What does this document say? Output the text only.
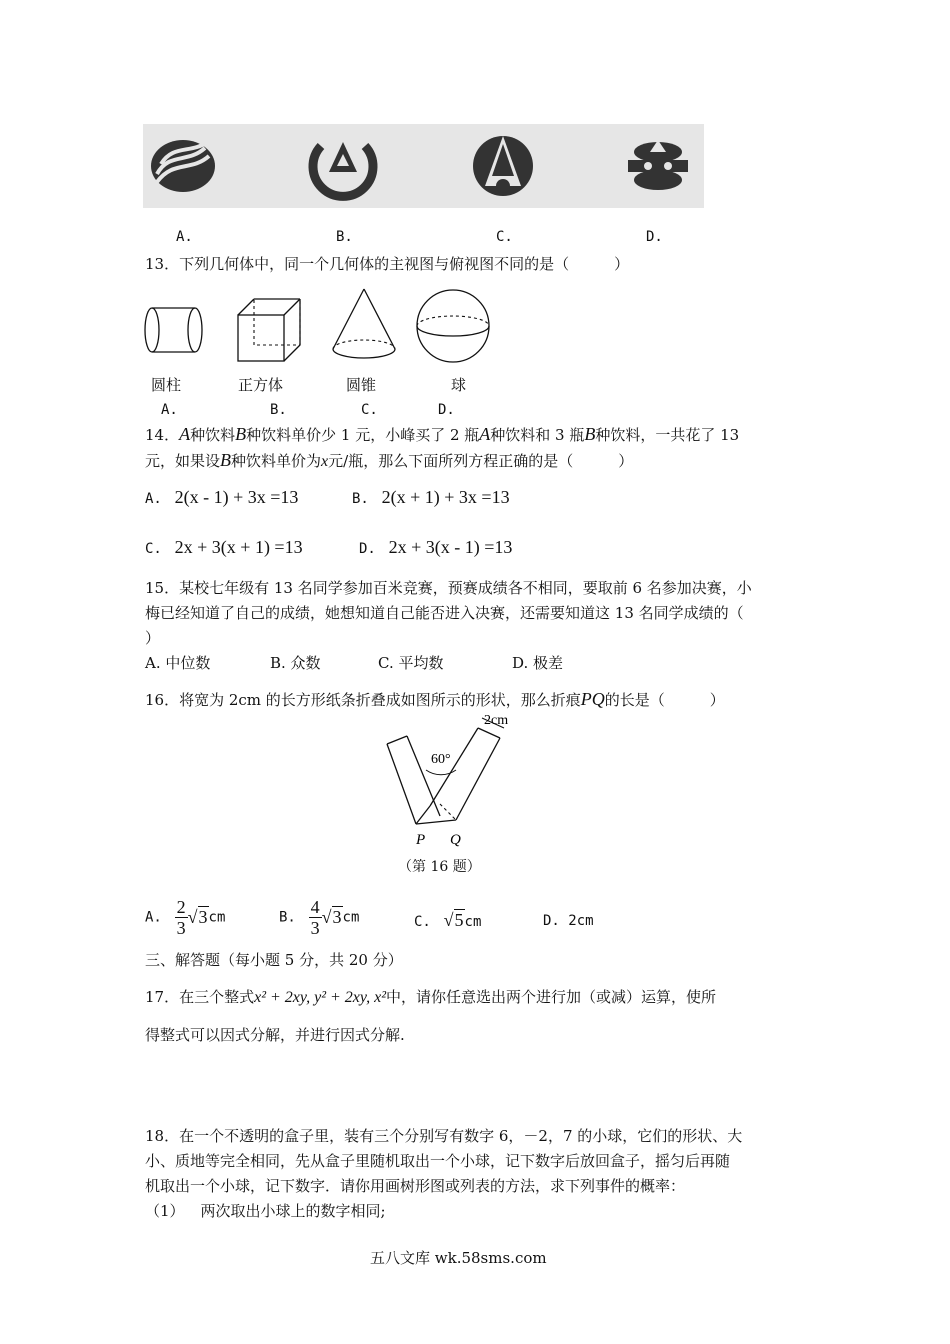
A.	B.	C.	D.
13．下列几何体中，同一个几何体的主视图与俯视图不同的是（　　　）
圆柱	正方体	圆锥	球
A.	B.	C.	D.
14．A种饮料B种饮料单价少 1 元，小峰买了 2 瓶A种饮料和 3 瓶B种饮料，一共花了 13
元，如果设B种饮料单价为x元/瓶，那么下面所列方程正确的是（　　　）
A. 2(x - 1) + 3x =13	B. 2(x + 1) + 3x =13
C. 2x + 3(x + 1) =13	D. 2x + 3(x - 1) =13
15．某校七年级有 13 名同学参加百米竞赛，预赛成绩各不相同，要取前 6 名参加决赛，小
梅已经知道了自己的成绩，她想知道自己能否进入决赛，还需要知道这 13 名同学成绩的（
）
A. 中位数	B. 众数	C. 平均数	D. 极差
16．将宽为 2cm 的长方形纸条折叠成如图所示的形状，那么折痕PQ的长是（　　　）
2cm
60°
P Q
（第 16 题）
A. $\frac{2}{3} √3cm$	B. $\frac{4}{3} √3cm$	C. √5cm	D. 2cm
三、解答题（每小题 5 分，共 20 分）
17．在三个整式x² + 2xy, y² + 2xy, x²中，请你任意选出两个进行加（或减）运算，使所
得整式可以因式分解，并进行因式分解.
18．在一个不透明的盒子里，装有三个分别写有数字 6，－2，7 的小球，它们的形状、大
小、质地等完全相同，先从盒子里随机取出一个小球，记下数字后放回盒子，摇匀后再随
机取出一个小球，记下数字．请你用画树形图或列表的方法，求下列事件的概率：
（1） 两次取出小球上的数字相同;
五八文库 wk.58sms.com
